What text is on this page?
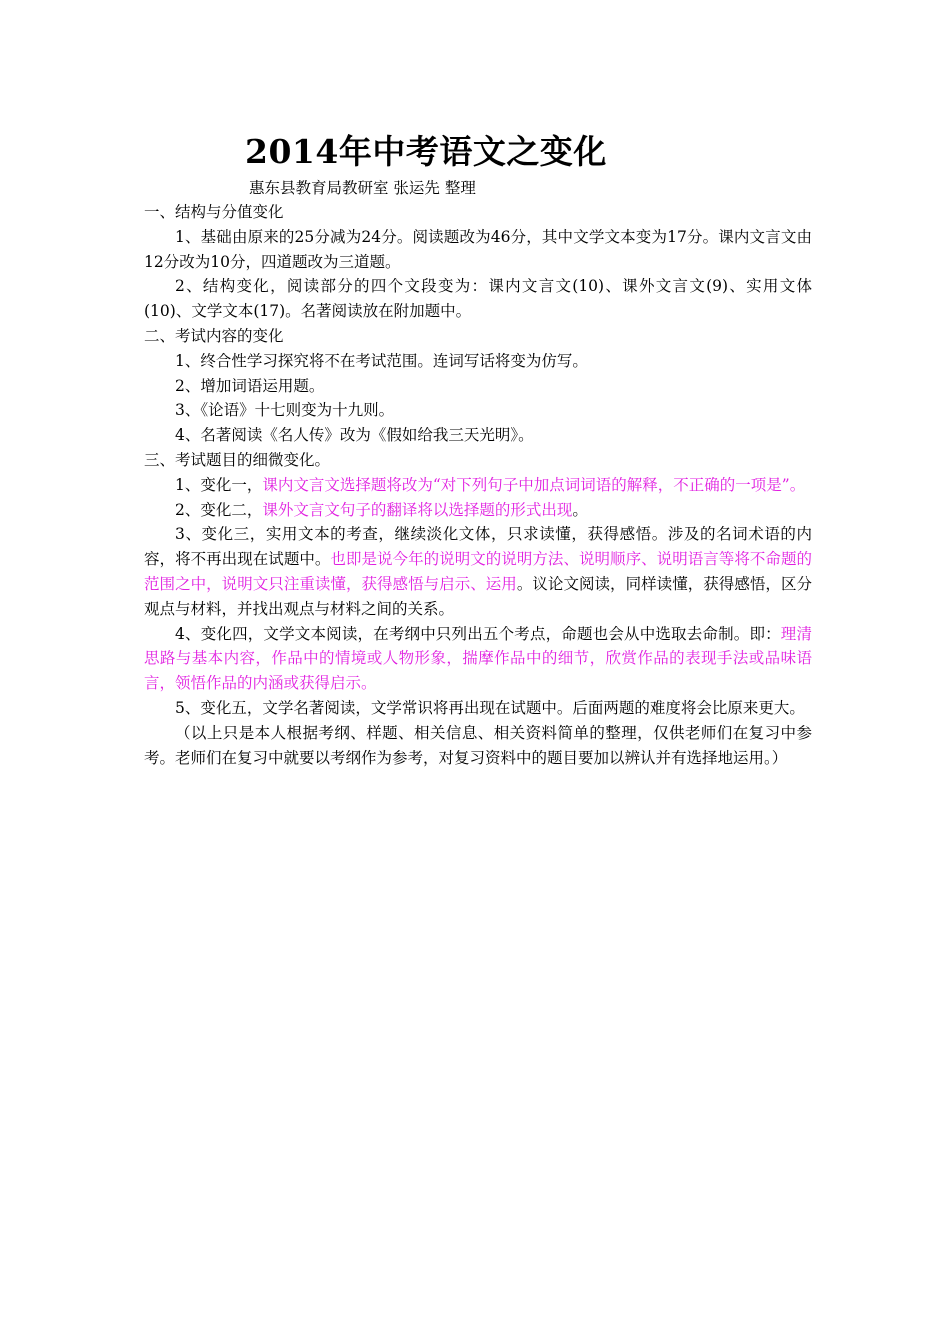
2014年中考语文之变化
惠东县教育局教研室 张运先 整理

一、结构与分值变化

1、基础由原来的25分减为24分。阅读题改为46分，其中文学文本变为17分。课内文言文由12分改为10分，四道题改为三道题。

2、结构变化，阅读部分的四个文段变为：课内文言文(10)、课外文言文(9)、实用文体(10)、文学文本(17)。名著阅读放在附加题中。

二、考试内容的变化

1、终合性学习探究将不在考试范围。连词写话将变为仿写。

2、增加词语运用题。

3、《论语》十七则变为十九则。

4、名著阅读《名人传》改为《假如给我三天光明》。

三、考试题目的细微变化。

1、变化一，课内文言文选择题将改为“对下列句子中加点词词语的解释，不正确的一项是”。

2、变化二，课外文言文句子的翻译将以选择题的形式出现。

3、变化三，实用文本的考查，继续淡化文体，只求读懂，获得感悟。涉及的名词术语的内容，将不再出现在试题中。也即是说今年的说明文的说明方法、说明顺序、说明语言等将不命题的范围之中，说明文只注重读懂，获得感悟与启示、运用。议论文阅读，同样读懂，获得感悟，区分观点与材料，并找出观点与材料之间的关系。

4、变化四，文学文本阅读，在考纲中只列出五个考点，命题也会从中选取去命制。即：理清思路与基本内容，作品中的情境或人物形象，揣摩作品中的细节，欣赏作品的表现手法或品味语言，领悟作品的内涵或获得启示。

5、变化五，文学名著阅读，文学常识将再出现在试题中。后面两题的难度将会比原来更大。

（以上只是本人根据考纲、样题、相关信息、相关资料简单的整理，仅供老师们在复习中参考。老师们在复习中就要以考纲作为参考，对复习资料中的题目要加以辨认并有选择地运用。）
